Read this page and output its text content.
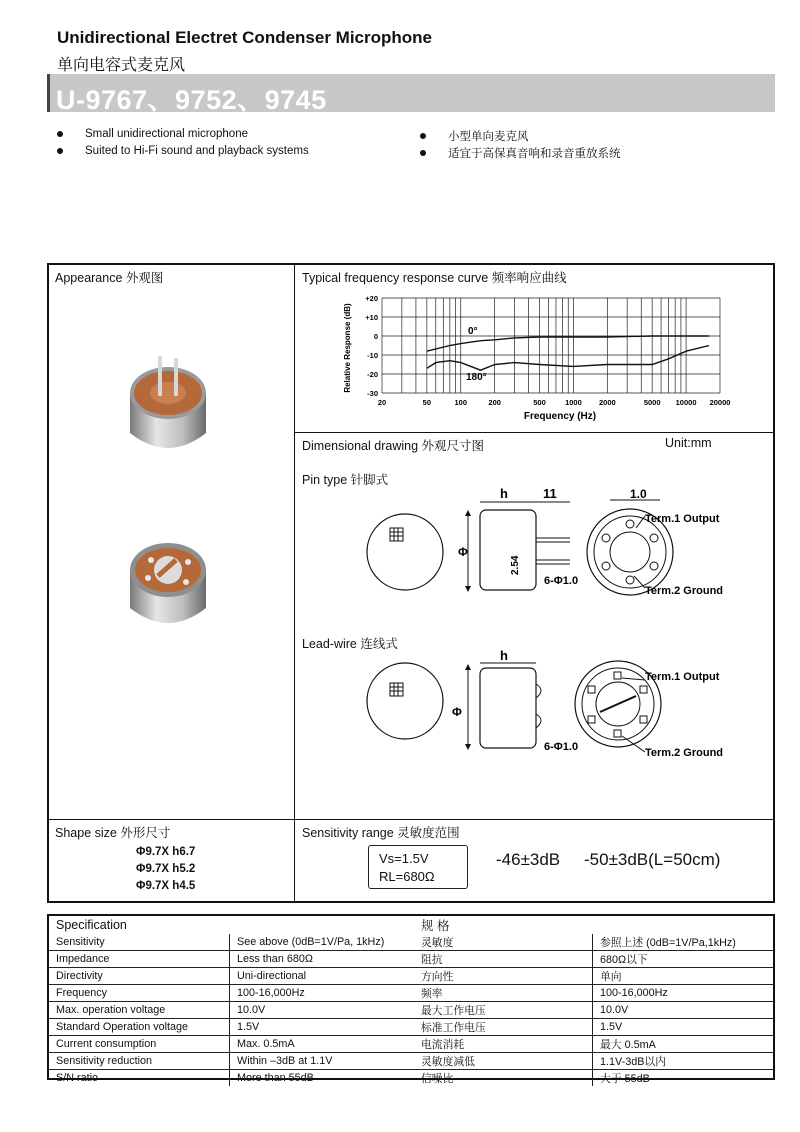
Unidirectional Electret Condenser Microphone
单向电容式麦克风
U-9767、9752、9745
Small unidirectional microphone
Suited to Hi-Fi sound and playback systems
小型单向麦克风
适宜于高保真音响和录音重放系统
Appearance 外观图	Typical frequency response curve 频率响应曲线
20	50	100	200	500	1000 2000	5000 10000 20000
+20
+10
0
-10
-20
-30
Relative Response (dB)
Frequency (Hz)
0°
180°
Dimensional drawing 外观尺寸图	Unit:mm
Pin type 针脚式
Lead-wire 连线式
Φ
2.54
h	11
6-Φ1.0
1.0
Term.1 Output
Term.2 Ground
Φ
h
Term.1 Output
Term.2 Ground
6-Φ1.0
Shape size 外形尺寸
Φ9.7X h6.7
Φ9.7X h5.2
Φ9.7X h4.5
Sensitivity range 灵敏度范围
Vs=1.5V
RL=680Ω
-46±3dB -50±3dB(L=50cm)
Specification		规 格	
Sensitivity	See above (0dB=1V/Pa, 1kHz)	灵敏度	参照上述 (0dB=1V/Pa,1kHz)
Impedance	Less than 680Ω	阻抗	680Ω以下
Directivity	Uni-directional	方向性	单向
Frequency	100-16,000Hz	频率	100-16,000Hz
Max. operation voltage	10.0V	最大工作电压	10.0V
Standard Operation voltage	1.5V	标准工作电压	1.5V
Current consumption	Max. 0.5mA	电流消耗	最大 0.5mA
Sensitivity reduction	Within –3dB at 1.1V	灵敏度减低	1.1V-3dB以内
S/N ratio	More than 55dB	信噪比	大于 55dB
